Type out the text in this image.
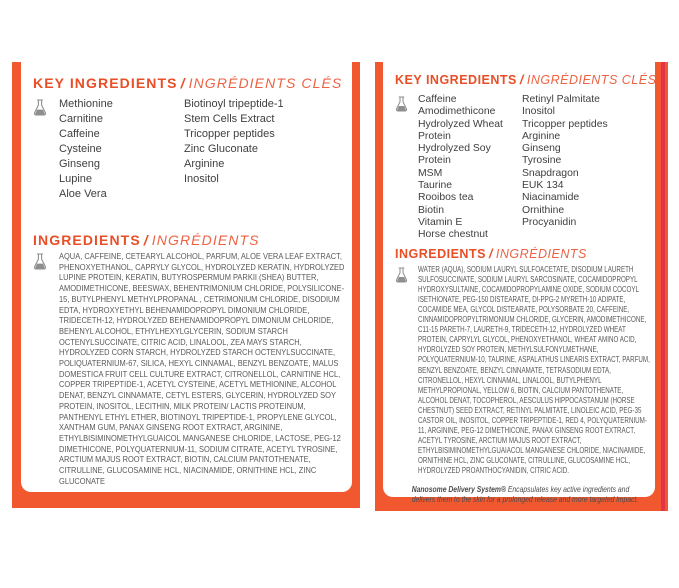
KEY INGREDIENTS / INGRÉDIENTS CLÉS
Methionine
Carnitine
Caffeine
Cysteine
Ginseng
Lupine
Aloe Vera
Biotinoyl tripeptide-1
Stem Cells Extract
Tricopper peptides
Zinc Gluconate
Arginine
Inositol
INGREDIENTS / INGRÉDIENTS
AQUA, CAFFEINE, CETEARYL ALCOHOL, PARFUM, ALOE VERA LEAF EXTRACT, PHENOXYETHANOL, CAPRYLY GLYCOL, HYDROLYZED KERATIN, HYDROLYZED LUPINE PROTEIN, KERATIN, BUTYROSPERMUM PARKII (SHEA) BUTTER, AMODIMETHICONE, BEESWAX, BEHENTRIMONIUM CHLORIDE, POLYSILICONE-15, BUTYLPHENYL METHYLPROPANAL , CETRIMONIUM CHLORIDE, DISODIUM EDTA, HYDROXYETHYL BEHENAMIDOPROPYL DIMONIUM CHLORIDE, TRIDECETH-12, HYDROLYZED BEHENAMIDOPROPYL DIMONIUM CHLORIDE, BEHENYL ALCOHOL, ETHYLHEXYLGLYCERIN, SODIUM STARCH OCTENYLSUCCINATE, CITRIC ACID, LINALOOL, ZEA MAYS STARCH, HYDROLYZED CORN STARCH, HYDROLYZED STARCH OCTENYLSUCCINATE, POLIQUATERNIUM-67, SILICA, HEXYL CINNAMAL, BENZYL BENZOATE, MALUS DOMESTICA FRUIT CELL CULTURE EXTRACT, CITRONELLOL, CARNITINE HCL, COPPER TRIPEPTIDE-1, ACETYL CYSTEINE, ACETYL METHIONINE, ALCOHOL DENAT, BENZYL CINNAMATE, CETYL ESTERS, GLYCERIN, HYDROLYZED SOY PROTEIN, INOSITOL, LECITHIN, MILK PROTEIN/ LACTIS PROTEINUM, PANTHENYL ETHYL ETHER, BIOTINOYL TRIPEPTIDE-1, PROPYLENE GLYCOL, XANTHAM GUM, PANAX GINSENG ROOT EXTRACT, ARGININE, ETHYLBISIMINOMETHYLGUAICOL MANGANESE CHLORIDE, LACTOSE, PEG-12 DIMETHICONE, POLYQUATERNIUM-11, SODIUM CITRATE, ACETYL TYROSINE, ARCTIUM MAJUS ROOT EXTRACT, BIOTIN, CALCIUM PANTOTHENATE, CITRULLINE, GLUCOSAMINE HCL, NIACINAMIDE, ORNITHINE HCL, ZINC GLUCONATE
KEY INGREDIENTS / INGRÉDIENTS CLÉS
Caffeine
Amodimethicone
Hydrolyzed Wheat Protein
Hydrolyzed Soy Protein
MSM
Taurine
Rooibos tea
Biotin
Vitamin E
Horse chestnut
Retinyl Palmitate
Inositol
Tricopper peptides
Arginine
Ginseng
Tyrosine
Snapdragon
EUK 134
Niacinamide
Ornithine
Procyanidin
INGREDIENTS / INGRÉDIENTS
WATER (AQUA), SODIUM LAURYL SULFOACETATE, DISODIUM LAURETH SULFOSUCCINATE, SODIUM LAURYL SARCOSINATE, COCAMIDOPROPYL HYDROXYSULTAINE, COCAMIDOPROPYLAMINE OXIDE, SODIUM COCOYL ISETHIONATE, PEG-150 DISTEARATE, DI-PPG-2 MYRETH-10 ADIPATE, COCAMIDE MEA, GLYCOL DISTEARATE, POLYSORBATE 20, CAFFEINE, CINNAMIDOPROPYLTRIMONIUM CHLORIDE, GLYCERIN, AMODIMETHICONE, C11-15 PARETH-7, LAURETH-9, TRIDECETH-12, HYDROLYZED WHEAT PROTEIN, CAPRYLYL GLYCOL, PHENOXYETHANOL, WHEAT AMINO ACID, HYDROLYZED SOY PROTEIN, METHYLSULFONYLMETHANE, POLYQUATERNIUM-10, TAURINE, ASPALATHUS LINEARIS EXTRACT, PARFUM, BENZYL BENZOATE, BENZYL CINNAMATE, TETRASODIUM EDTA, CITRONELLOL, HEXYL CINNAMAL, LINALOOL, BUTYLPHENYL METHYLPROPIONAL, YELLOW 6, BIOTIN, CALCIUM PANTOTHENATE, ALCOHOL DENAT, TOCOPHEROL, AESCULUS HIPPOCASTANUM (HORSE CHESTNUT) SEED EXTRACT, RETINYL PALMITATE, LINOLEIC ACID, PEG-35 CASTOR OIL, INOSITOL, COPPER TRIPEPTIDE-1, RED 4, POLYQUATERNIUM-11, ARGININE, PEG-12 DIMETHICONE, PANAX GINSENG ROOT EXTRACT, ACETYL TYROSINE, ARCTIUM MAJUS ROOT EXTRACT, ETHYLBISIMINOMETHYLGUAIACOL MANGANESE CHLORIDE, NIACINAMIDE, ORNITHINE HCL, ZINC GLUCONATE, CITRULLINE, GLUCOSAMINE HCL, HYDROLYZED PROANTHOCYANIDIN, CITRIC ACID.
Nanosome Delivery System® Encapsulates key active ingredients and delivers them to the skin for a prolonged release and more targeted impact.
